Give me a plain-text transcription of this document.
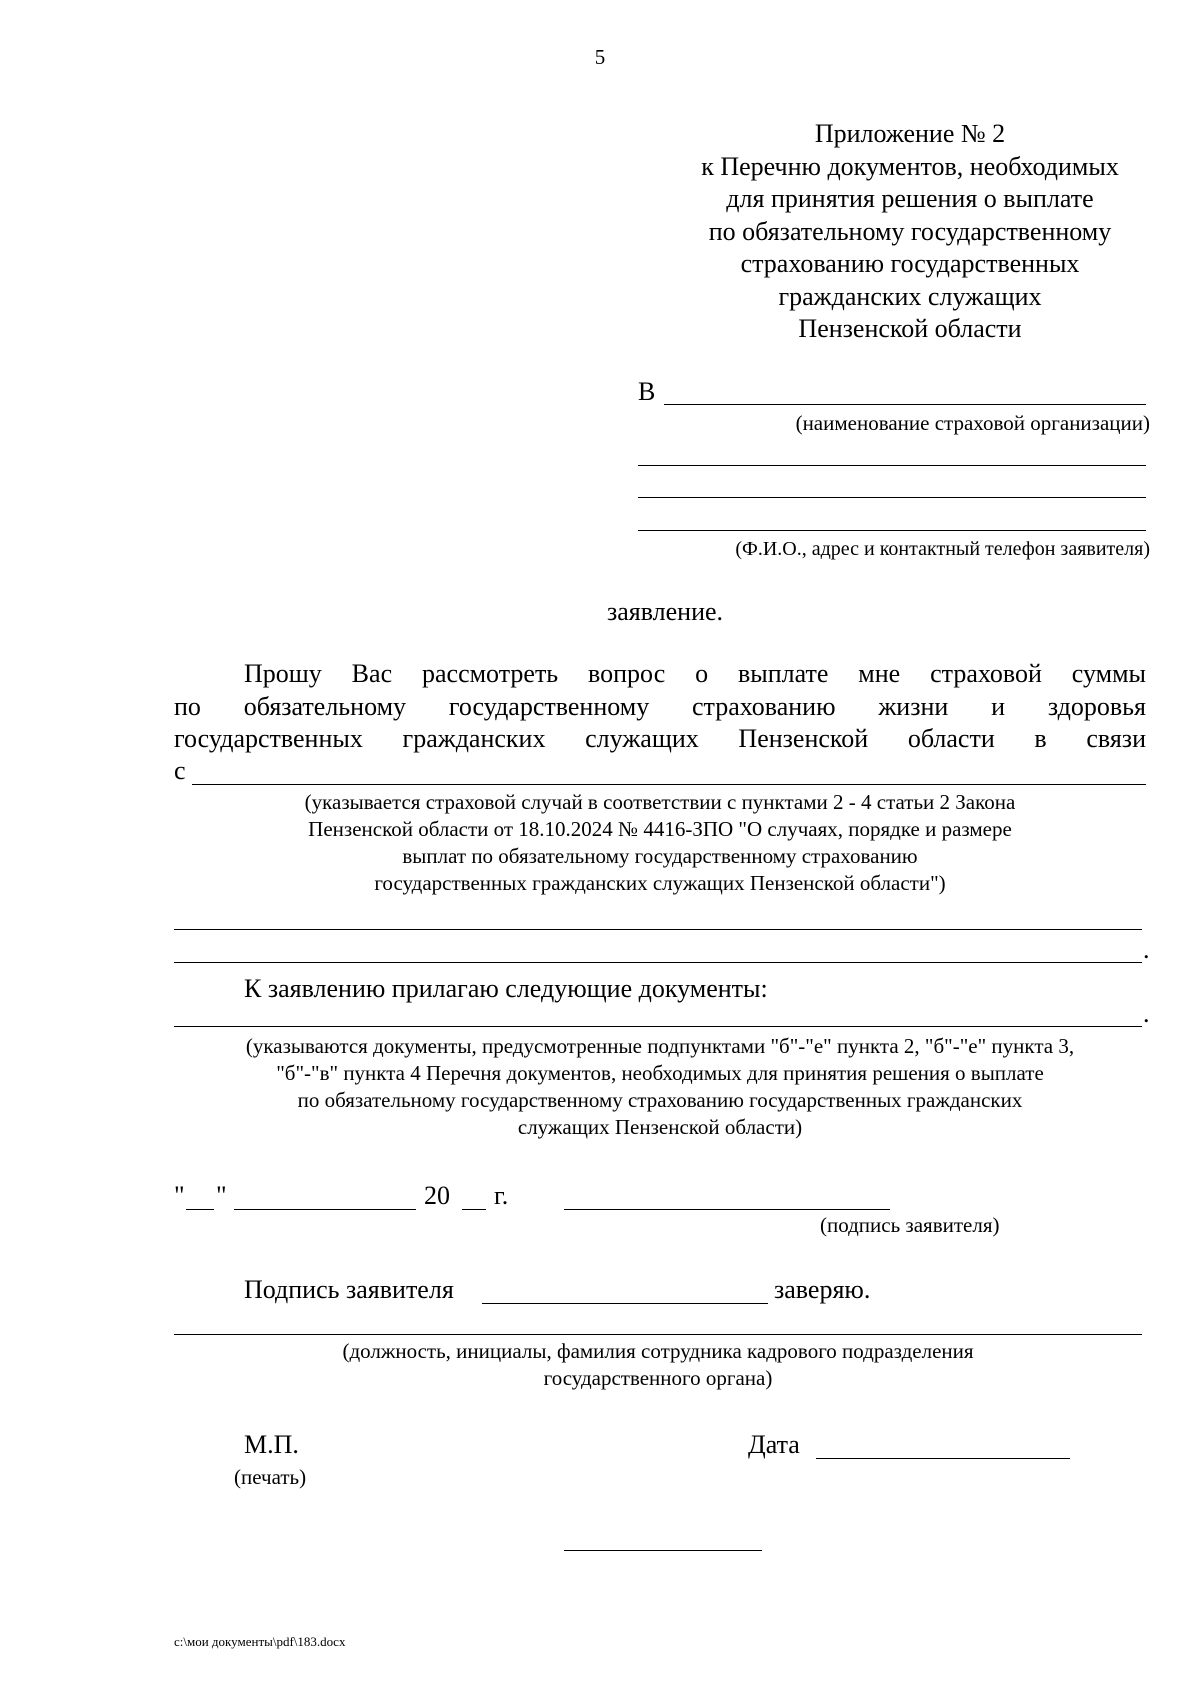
5
Приложение № 2
к Перечню документов, необходимых
для принятия решения о выплате
по обязательному государственному
страхованию государственных
гражданских служащих
Пензенской области
В
(наименование страховой организации)
(Ф.И.О., адрес и контактный телефон заявителя)
заявление.
Прошу Вас рассмотреть вопрос о выплате мне страховой суммы
по обязательному государственному страхованию жизни и здоровья
государственных гражданских служащих Пензенской области в связи
с
(указывается страховой случай в соответствии с пунктами 2 - 4 статьи 2 Закона
Пензенской области от 18.10.2024 № 4416-ЗПО "О случаях, порядке и размере
выплат по обязательному государственному страхованию
государственных гражданских служащих Пензенской области")
.
К заявлению прилагаю следующие документы:
.
(указываются документы, предусмотренные подпунктами "б"-"е" пункта 2, "б"-"е" пункта 3,
"б"-"в" пункта 4 Перечня документов, необходимых для принятия решения о выплате
по обязательному государственному страхованию государственных гражданских
служащих Пензенской области)
" "	20 г.
(подпись заявителя)
Подпись заявителя	заверяю.
(должность, инициалы, фамилия сотрудника кадрового подразделения
государственного органа)
М.П.
(печать)
Дата
c:\мои документы\pdf\183.docx
